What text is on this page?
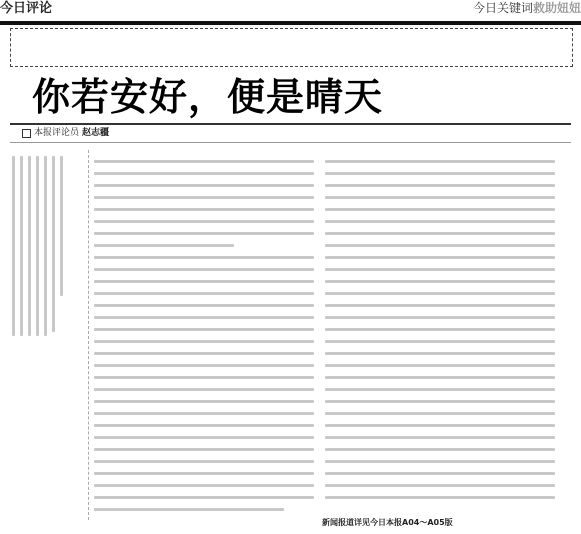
今日评论	今日关键词救助妞妞
你若安好，便是晴天
本报评论员 赵志疆
新闻报道详见今日本报A04～A05版
